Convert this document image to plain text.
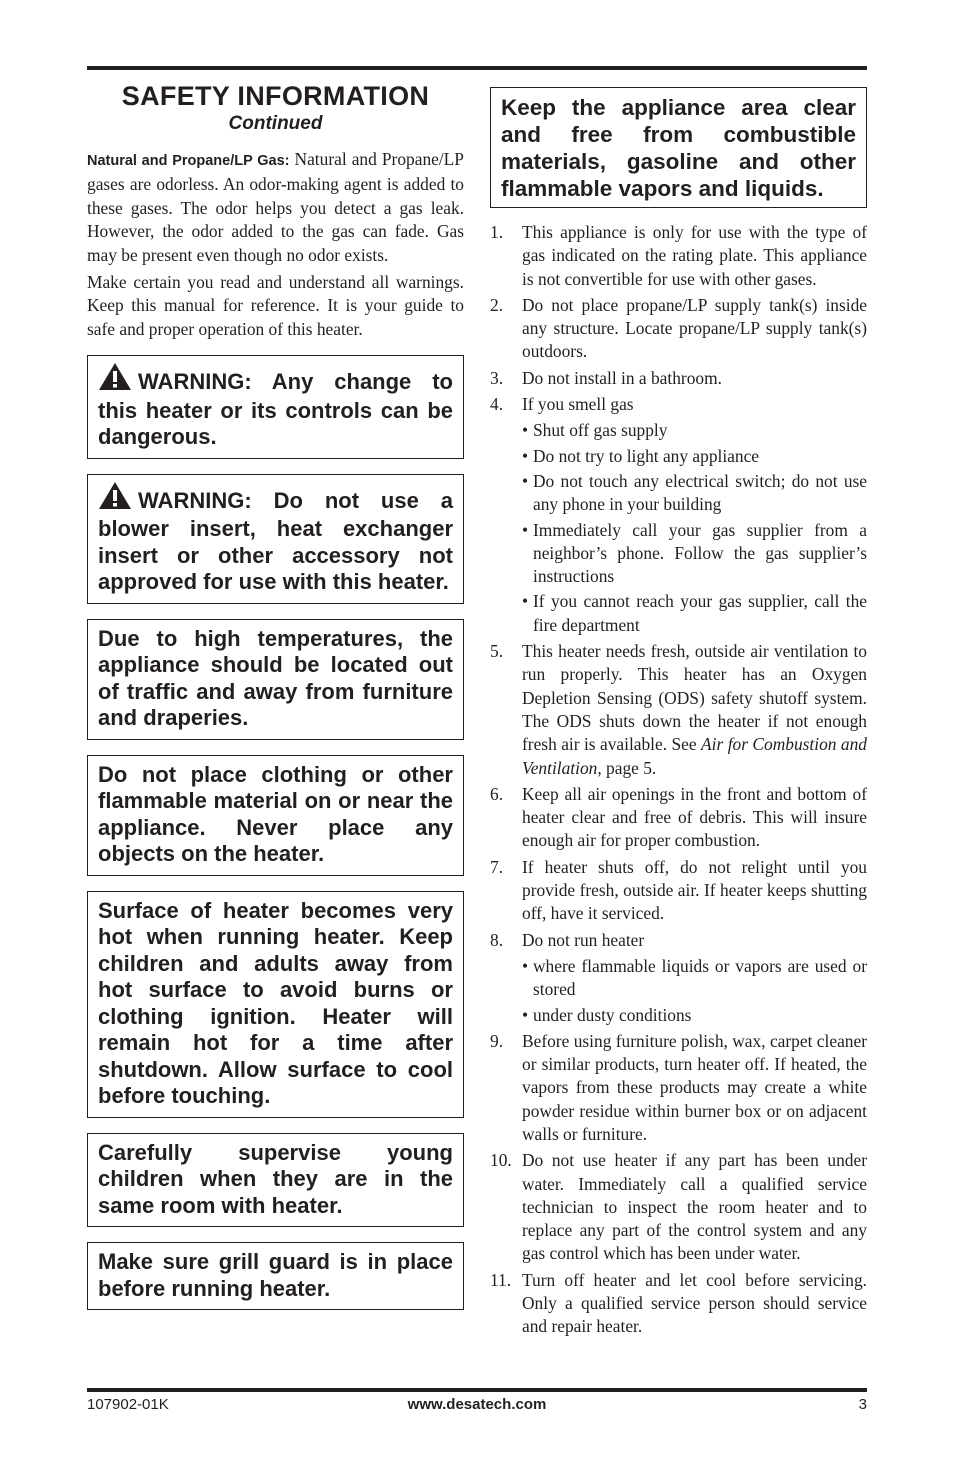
SAFETY INFORMATION
Continued

Natural and Propane/LP Gas: Natural and Propane/LP gases are odorless. An odor-making agent is added to these gases. The odor helps you detect a gas leak. However, the odor added to the gas can fade. Gas may be present even though no odor exists.

Make certain you read and understand all warnings. Keep this manual for reference. It is your guide to safe and proper operation of this heater.

WARNING: Any change to this heater or its controls can be dangerous.

WARNING: Do not use a blower insert, heat exchanger insert or other accessory not approved for use with this heater.

Due to high temperatures, the appliance should be located out of traffic and away from furniture and draperies.

Do not place clothing or other flammable material on or near the appliance. Never place any objects on the heater.

Surface of heater becomes very hot when running heater. Keep children and adults away from hot surface to avoid burns or clothing ignition. Heater will remain hot for a time after shutdown. Allow surface to cool before touching.

Carefully supervise young children when they are in the same room with heater.

Make sure grill guard is in place before running heater.

Keep the appliance area clear and free from combustible materials, gasoline and other flammable vapors and liquids.

1. This appliance is only for use with the type of gas indicated on the rating plate. This appliance is not convertible for use with other gases.
2. Do not place propane/LP supply tank(s) inside any structure. Locate propane/LP supply tank(s) outdoors.
3. Do not install in a bathroom.
4. If you smell gas
• Shut off gas supply
• Do not try to light any appliance
• Do not touch any electrical switch; do not use any phone in your building
• Immediately call your gas supplier from a neighbor’s phone. Follow the gas supplier’s instructions
• If you cannot reach your gas supplier, call the fire department
5. This heater needs fresh, outside air ventilation to run properly. This heater has an Oxygen Depletion Sensing (ODS) safety shutoff system. The ODS shuts down the heater if not enough fresh air is available. See Air for Combustion and Ventilation, page 5.
6. Keep all air openings in the front and bottom of heater clear and free of debris. This will insure enough air for proper combustion.
7. If heater shuts off, do not relight until you provide fresh, outside air. If heater keeps shutting off, have it serviced.
8. Do not run heater
• where flammable liquids or vapors are used or stored
• under dusty conditions
9. Before using furniture polish, wax, carpet cleaner or similar products, turn heater off. If heated, the vapors from these products may create a white powder residue within burner box or on adjacent walls or furniture.
10. Do not use heater if any part has been under water. Immediately call a qualified service technician to inspect the room heater and to replace any part of the control system and any gas control which has been under water.
11. Turn off heater and let cool before servicing. Only a qualified service person should service and repair heater.
107902-01K	www.desatech.com	3
